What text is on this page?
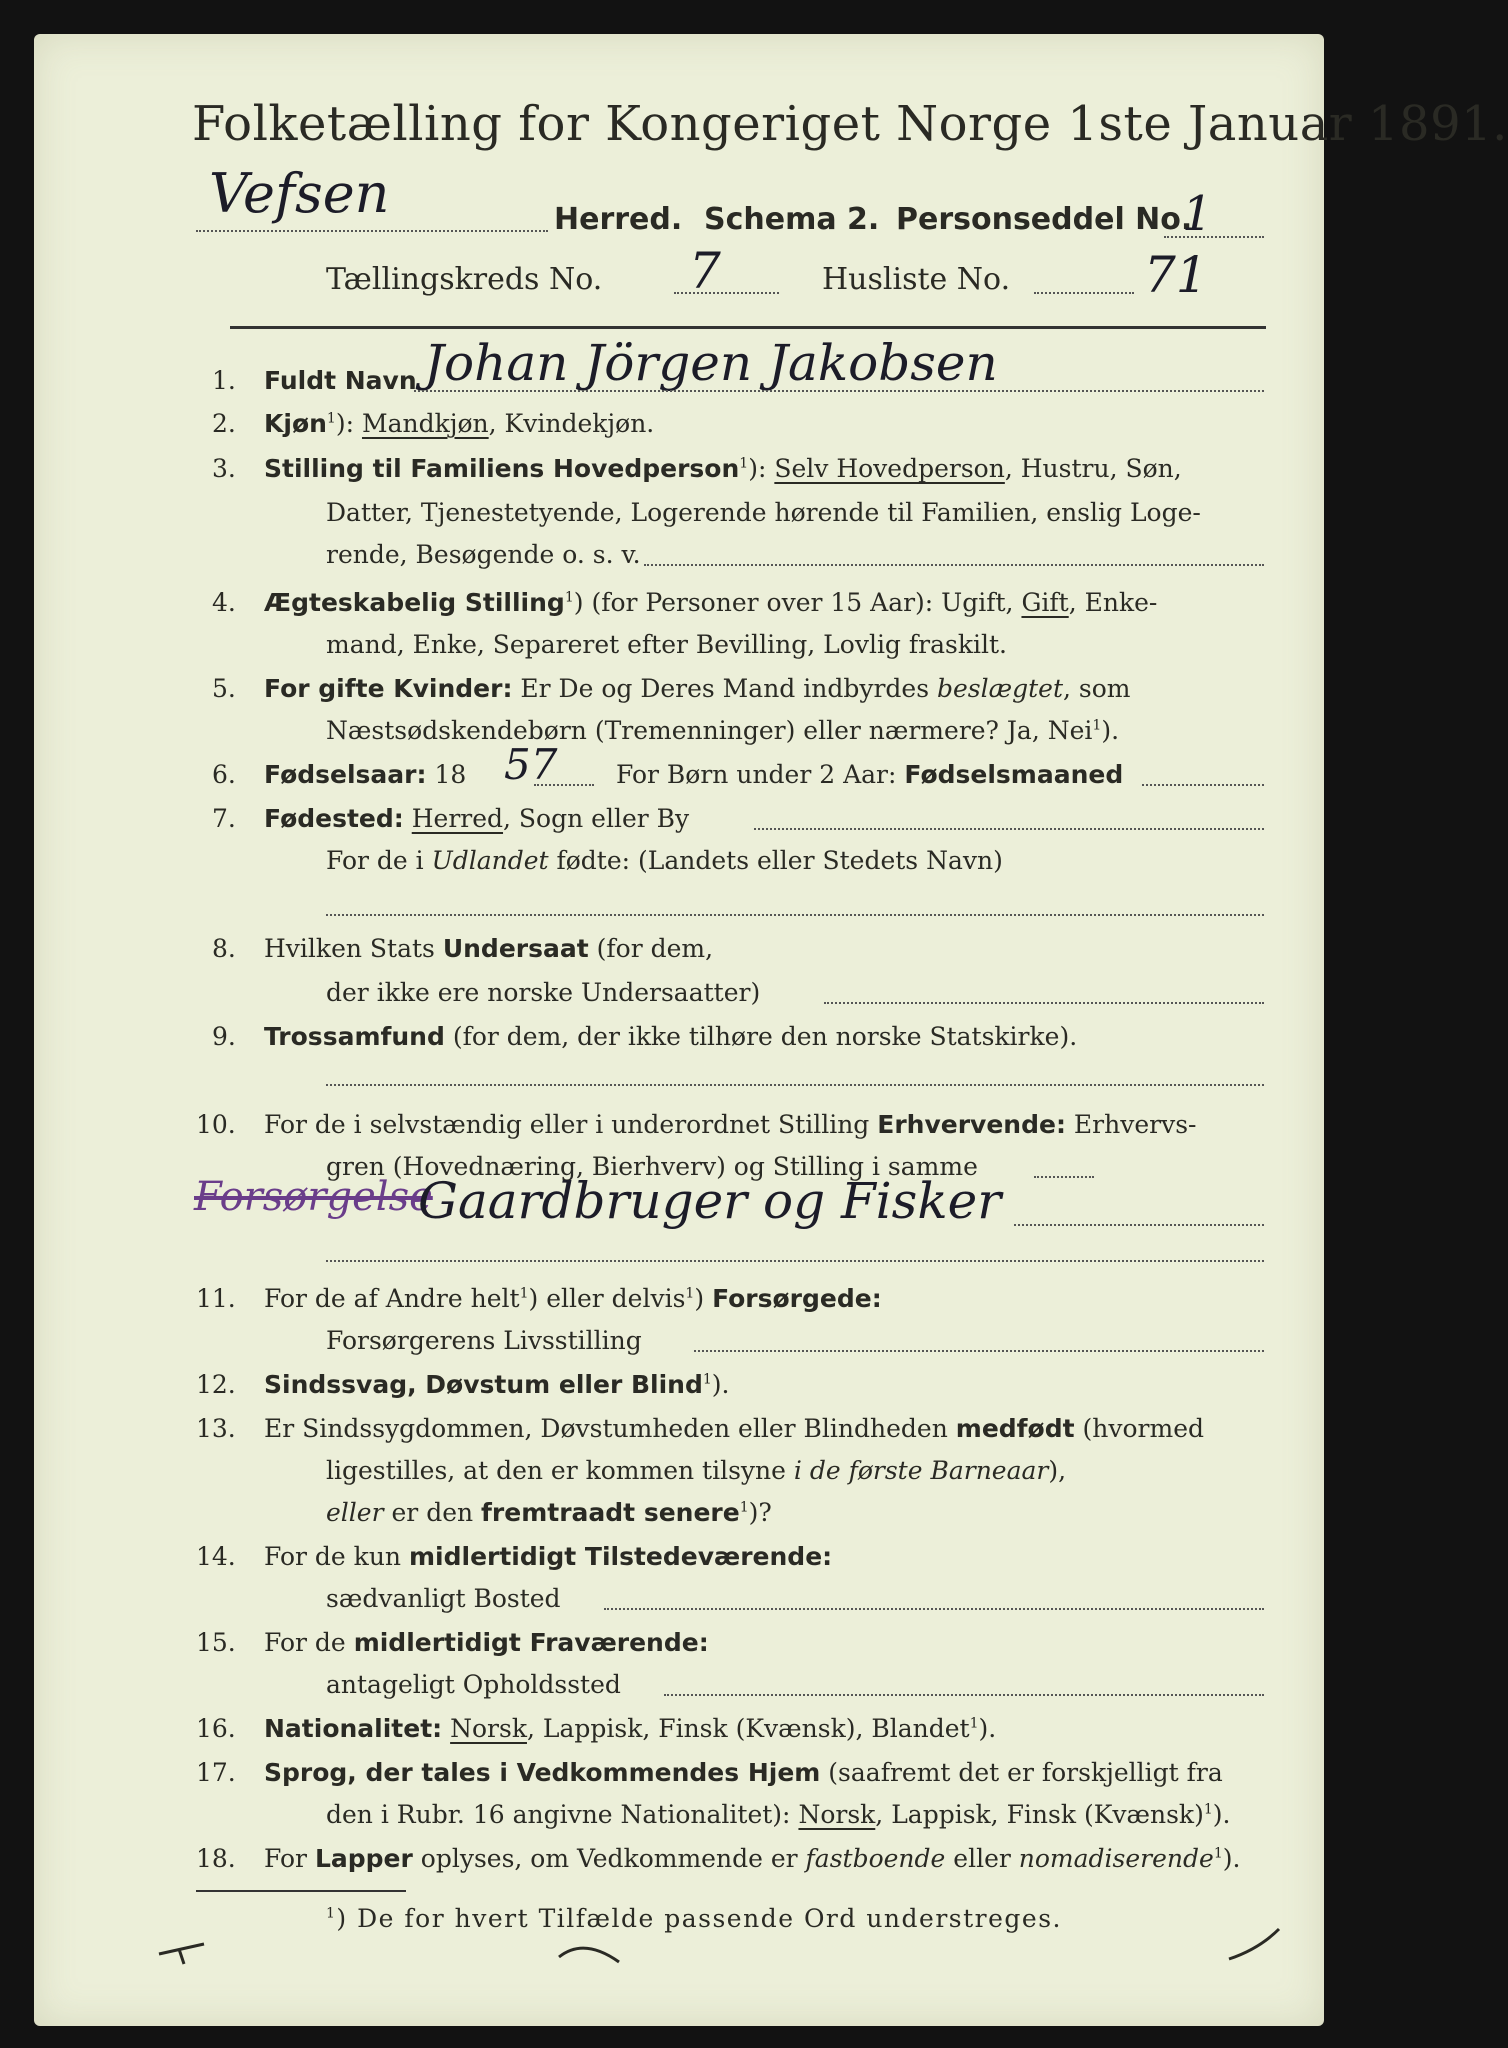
Folketælling for Kongeriget Norge 1ste Januar 1891.
Vefsen	Herred. Schema 2. Personseddel No.
1
Tællingskreds No. 7	Husliste No.	71
1. Fuldt Navn Johan Jörgen Jakobsen
2. Kjøn$^1$): Mandkjøn, Kvindekjøn.
3. Stilling til Familiens Hovedperson$^1$): Selv Hovedperson, Hustru, Søn,
Datter, Tjenestetyende, Logerende hørende til Familien, enslig Loge-
rende, Besøgende o. s. v.
4. Ægteskabelig Stilling$^1$) (for Personer over 15 Aar): Ugift, Gift, Enke-
mand, Enke, Separeret efter Bevilling, Lovlig fraskilt.
5. For gifte Kvinder: Er De og Deres Mand indbyrdes beslægtet, som
Næstsødskendebørn (Tremenninger) eller nærmere? Ja, Nei$^1$).
6. Fødselsaar: 18 57 For Børn under 2 Aar: Fødselsmaaned
7. Fødested: Herred, Sogn eller By
For de i Udlandet fødte: (Landets eller Stedets Navn)
8. Hvilken Stats Undersaat (for dem,
der ikke ere norske Undersaatter)
9. Trossamfund (for dem, der ikke tilhøre den norske Statskirke).
10. For de i selvstændig eller i underordnet Stilling Erhvervende: Erhvervs-
gren (Hovednæring, Bierhverv) og Stilling i samme
Forsørgelse
Gaardbruger og Fisker
11. For de af Andre helt$^1$) eller delvis$^1$) Forsørgede:
Forsørgerens Livsstilling
12. Sindssvag, Døvstum eller Blind$^1$).
13. Er Sindssygdommen, Døvstumheden eller Blindheden medfødt (hvormed
ligestilles, at den er kommen tilsyne i de første Barneaar),
eller er den fremtraadt senere$^1$)?
14. For de kun midlertidigt Tilstedeværende:
sædvanligt Bosted
15. For de midlertidigt Fraværende:
antageligt Opholdssted
16. Nationalitet: Norsk, Lappisk, Finsk (Kvænsk), Blandet$^1$).
17. Sprog, der tales i Vedkommendes Hjem (saafremt det er forskjelligt fra
den i Rubr. 16 angivne Nationalitet): Norsk, Lappisk, Finsk (Kvænsk)$^1$).
18. For Lapper oplyses, om Vedkommende er fastboende eller nomadiserende$^1$).
$^1$) De for hvert Tilfælde passende Ord understreges.
